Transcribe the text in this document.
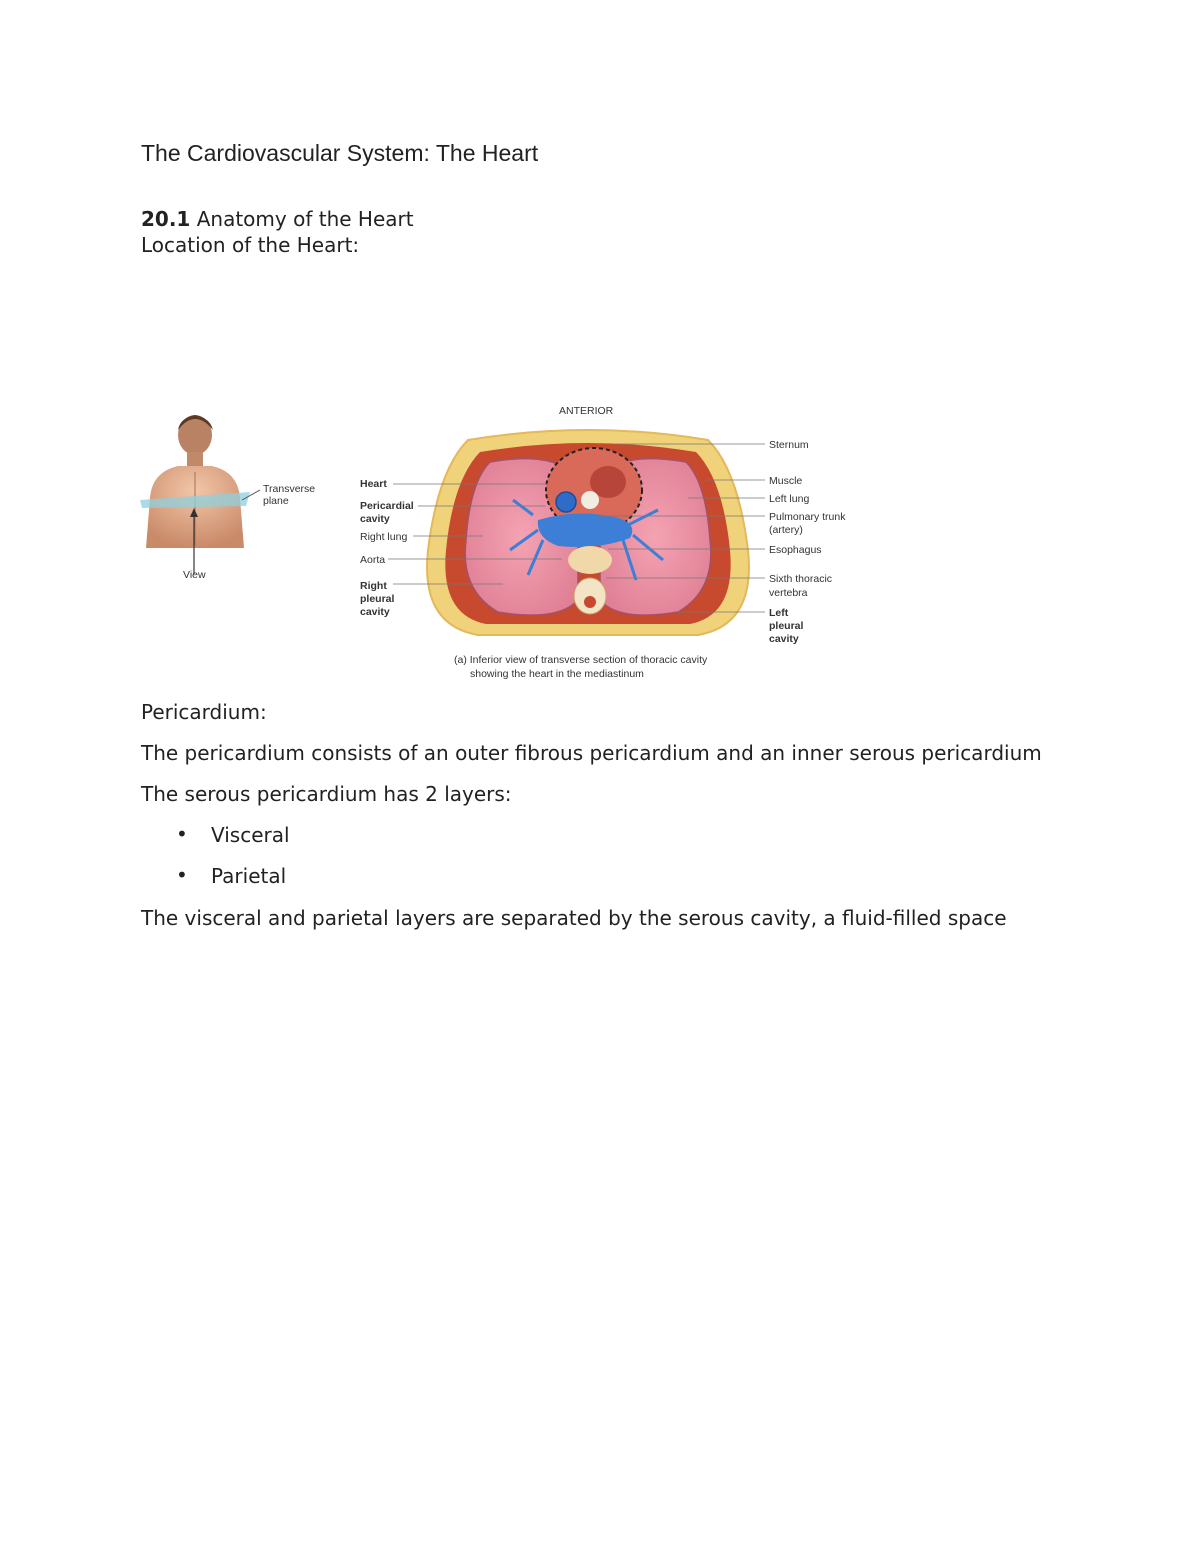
The Cardiovascular System: The Heart
20.1 Anatomy of the Heart
Location of the Heart:
Transverse
plane
View
ANTERIOR
Heart
Pericardial
cavity
Right lung
Aorta
Right
pleural
cavity
Sternum
Muscle
Left lung
Pulmonary trunk
(artery)
Esophagus
Sixth thoracic
vertebra
Left
pleural
cavity
(a) Inferior view of transverse section of thoracic cavity
showing the heart in the mediastinum
Pericardium:
The pericardium consists of an outer fibrous pericardium and an inner serous pericardium
The serous pericardium has 2 layers:
• Visceral
• Parietal
The visceral and parietal layers are separated by the serous cavity, a fluid-filled space
